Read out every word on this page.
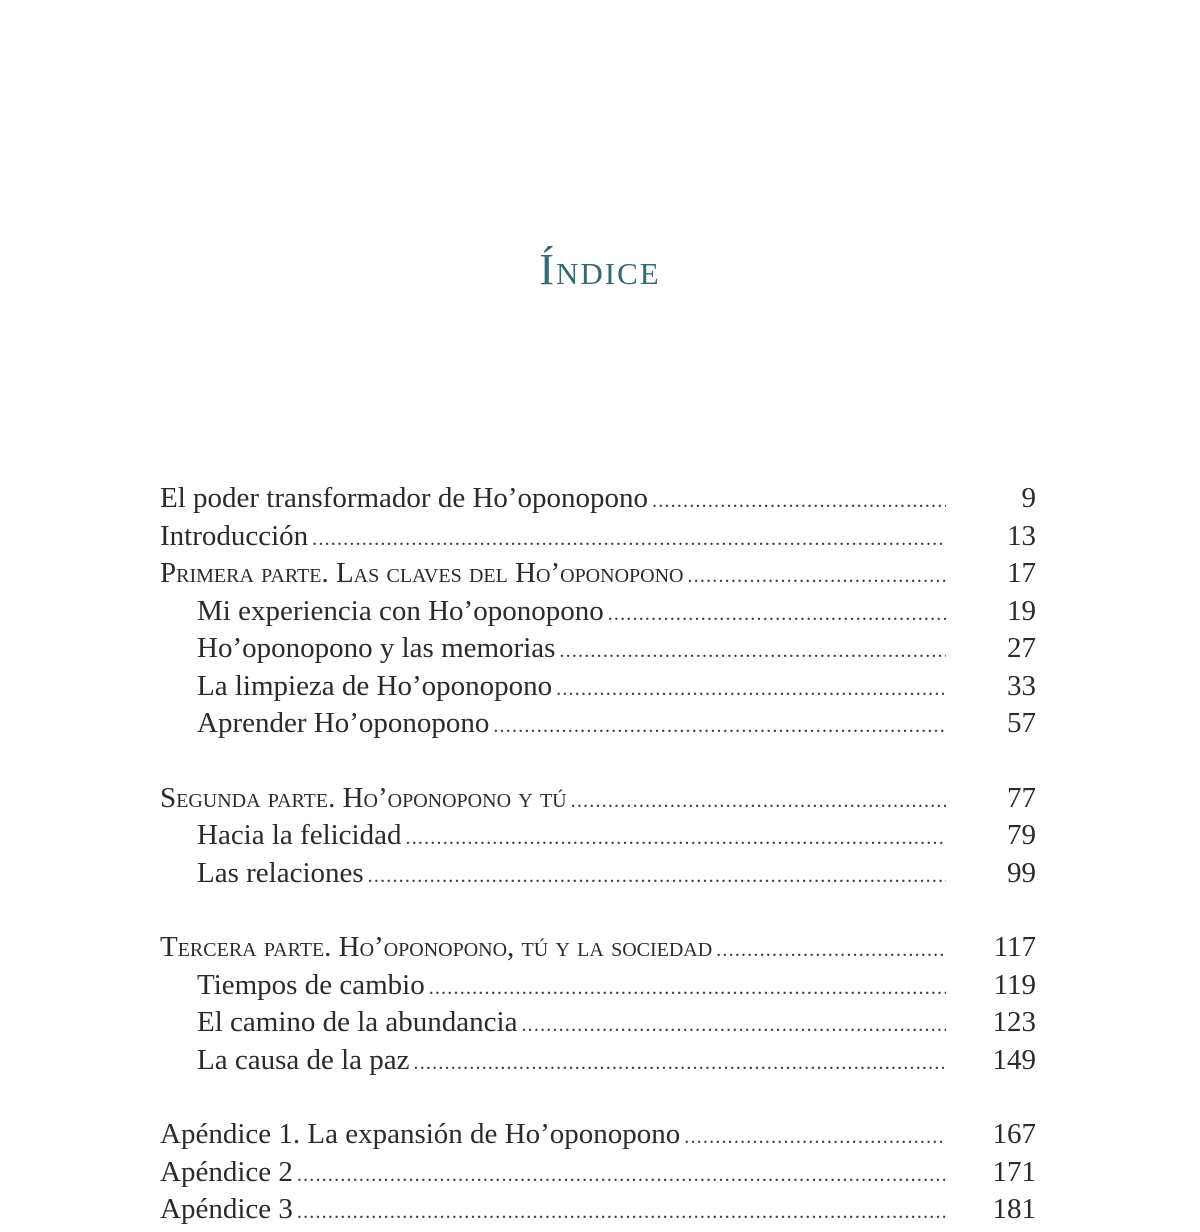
Índice
El poder transformador de Ho’oponopono .....	9
Introducción .....	13
Primera parte. Las claves del Ho’oponopono .....	17
Mi experiencia con Ho’oponopono .....	19
Ho’oponopono y las memorias .....	27
La limpieza de Ho’oponopono .....	33
Aprender Ho’oponopono .....	57
Segunda parte. Ho’oponopono y tú .....	77
Hacia la felicidad .....	79
Las relaciones .....	99
Tercera parte. Ho’oponopono, tú y la sociedad .....	117
Tiempos de cambio .....	119
El camino de la abundancia .....	123
La causa de la paz .....	149
Apéndice 1. La expansión de Ho’oponopono .....	167
Apéndice 2 .....	171
Apéndice 3 .....	181
